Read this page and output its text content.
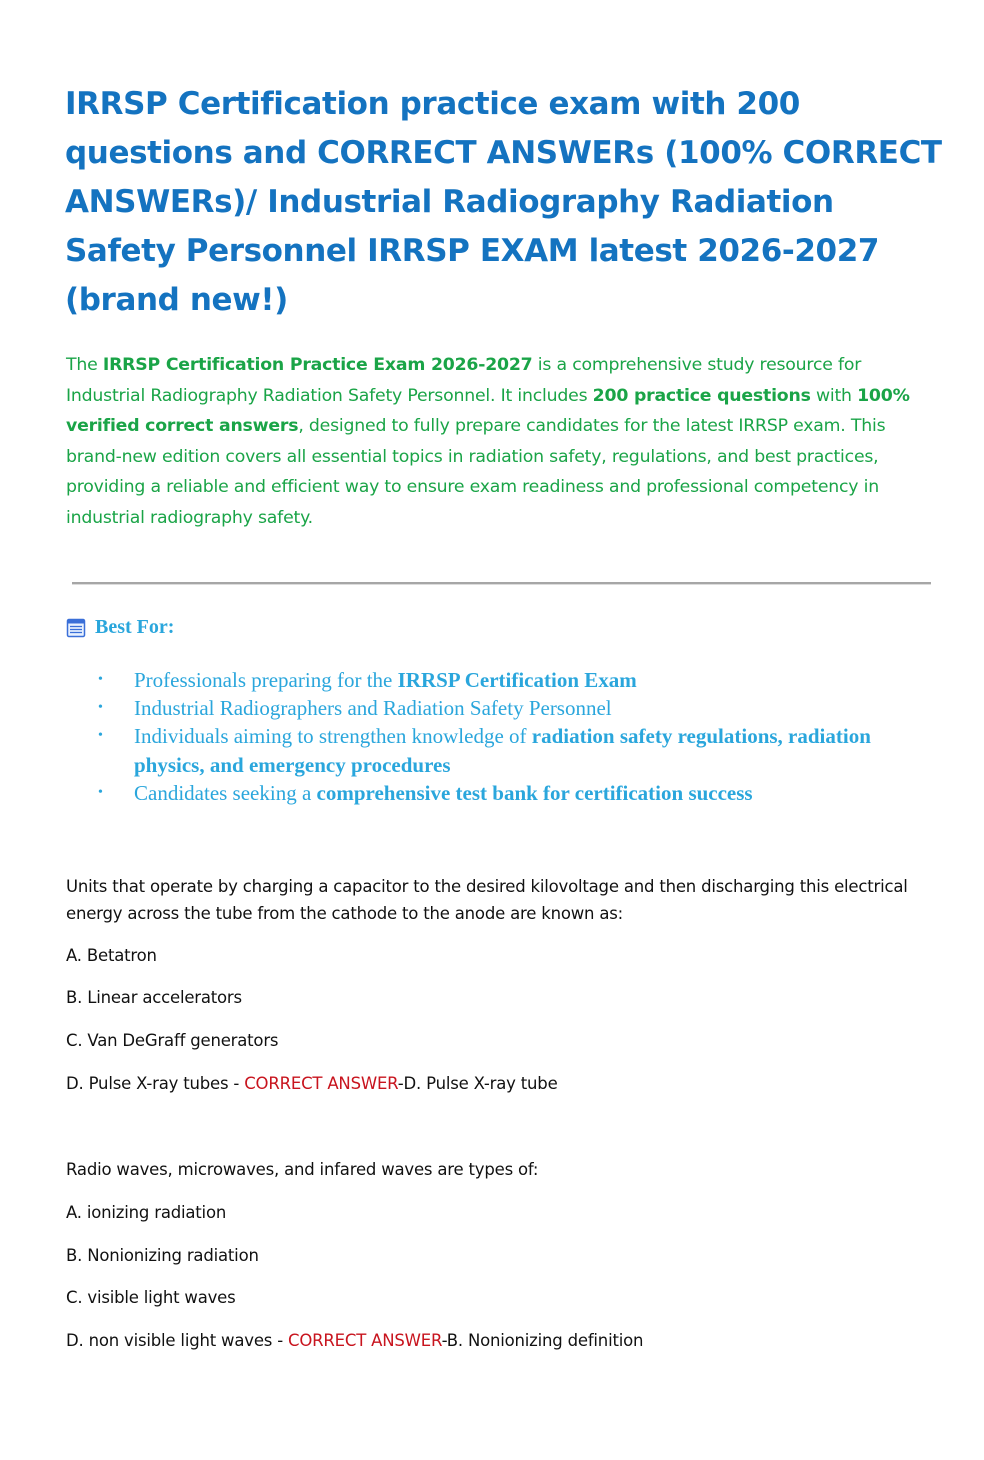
IRRSP Certification practice exam with 200 questions and CORRECT ANSWERs (100% CORRECT ANSWERs)/ Industrial Radiography Radiation Safety Personnel IRRSP EXAM latest 2026-2027 (brand new!)

The IRRSP Certification Practice Exam 2026-2027 is a comprehensive study resource for Industrial Radiography Radiation Safety Personnel. It includes 200 practice questions with 100% verified correct answers, designed to fully prepare candidates for the latest IRRSP exam. This brand-new edition covers all essential topics in radiation safety, regulations, and best practices, providing a reliable and efficient way to ensure exam readiness and professional competency in industrial radiography safety.

Best For:
• Professionals preparing for the IRRSP Certification Exam
• Industrial Radiographers and Radiation Safety Personnel
• Individuals aiming to strengthen knowledge of radiation safety regulations, radiation physics, and emergency procedures
• Candidates seeking a comprehensive test bank for certification success

Units that operate by charging a capacitor to the desired kilovoltage and then discharging this electrical energy across the tube from the cathode to the anode are known as:

A. Betatron

B. Linear accelerators

C. Van DeGraff generators

D. Pulse X-ray tubes - CORRECT ANSWER-D. Pulse X-ray tube

Radio waves, microwaves, and infared waves are types of:

A. ionizing radiation

B. Nonionizing radiation

C. visible light waves

D. non visible light waves - CORRECT ANSWER-B. Nonionizing definition
